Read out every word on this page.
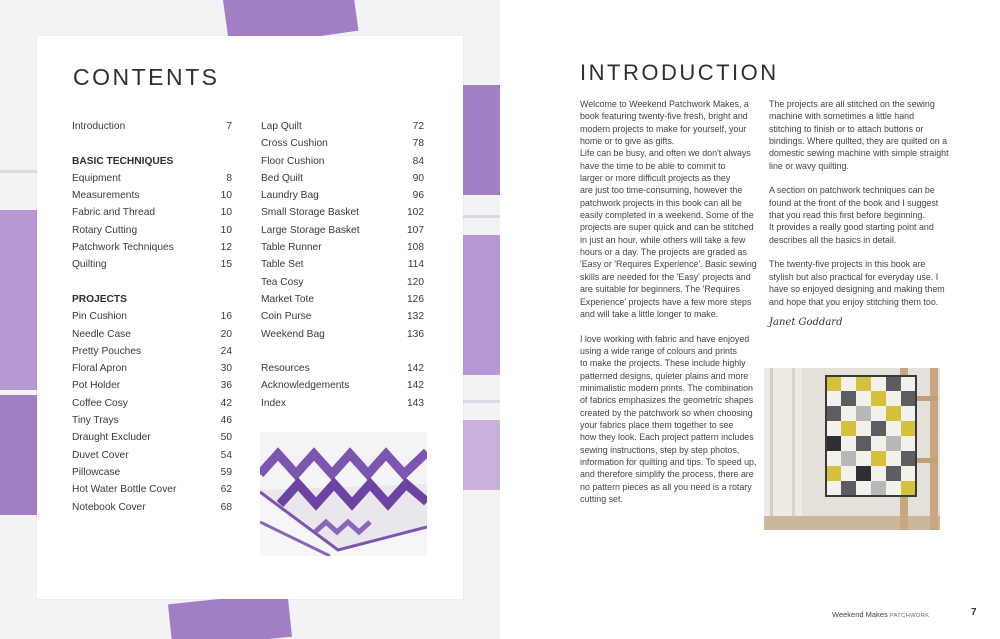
CONTENTS
Introduction	7
BASIC TECHNIQUES
Equipment	8
Measurements	10
Fabric and Thread	10
Rotary Cutting	10
Patchwork Techniques	12
Quilting	15
PROJECTS
Pin Cushion	16
Needle Case	20
Pretty Pouches	24
Floral Apron	30
Pot Holder	36
Coffee Cosy	42
Tiny Trays	46
Draught Excluder	50
Duvet Cover	54
Pillowcase	59
Hot Water Bottle Cover	62
Notebook Cover	68
Lap Quilt	72
Cross Cushion	78
Floor Cushion	84
Bed Quilt	90
Laundry Bag	96
Small Storage Basket	102
Large Storage Basket	107
Table Runner	108
Table Set	114
Tea Cosy	120
Market Tote	126
Coin Purse	132
Weekend Bag	136
Resources	142
Acknowledgements	142
Index	143
INTRODUCTION

Welcome to Weekend Patchwork Makes, a
book featuring twenty-five fresh, bright and
modern projects to make for yourself, your
home or to give as gifts.

Life can be busy, and often we don't always
have the time to be able to commit to
larger or more difficult projects as they
are just too time-consuming, however the
patchwork projects in this book can all be
easily completed in a weekend. Some of the
projects are super quick and can be stitched
in just an hour, while others will take a few
hours or a day. The projects are graded as
'Easy or 'Requires Experience'. Basic sewing
skills are needed for the 'Easy' projects and
are suitable for beginners. The 'Requires
Experience' projects have a few more steps
and will take a little longer to make.

I love working with fabric and have enjoyed
using a wide range of colours and prints
to make the projects. These include highly
patterned designs, quieter plains and more
minimalistic modern prints. The combination
of fabrics emphasizes the geometric shapes
created by the patchwork so when choosing
your fabrics place them together to see
how they look. Each project pattern includes
sewing instructions, step by step photos,
information for quilting and tips. To speed up,
and therefore simplify the process, there are
no pattern pieces as all you need is a rotary
cutting set.

The projects are all stitched on the sewing
machine with sometimes a little hand
stitching to finish or to attach buttons or
bindings. Where quilted, they are quilted on a
domestic sewing machine with simple straight
line or wavy quilting.

A section on patchwork techniques can be
found at the front of the book and I suggest
that you read this first before beginning.
It provides a really good starting point and
describes all the basics in detail.

The twenty-five projects in this book are
stylish but also practical for everyday use. I
have so enjoyed designing and making them
and hope that you enjoy stitching them too.

Janet Goddard
Weekend Makes PATCHWORK	7
